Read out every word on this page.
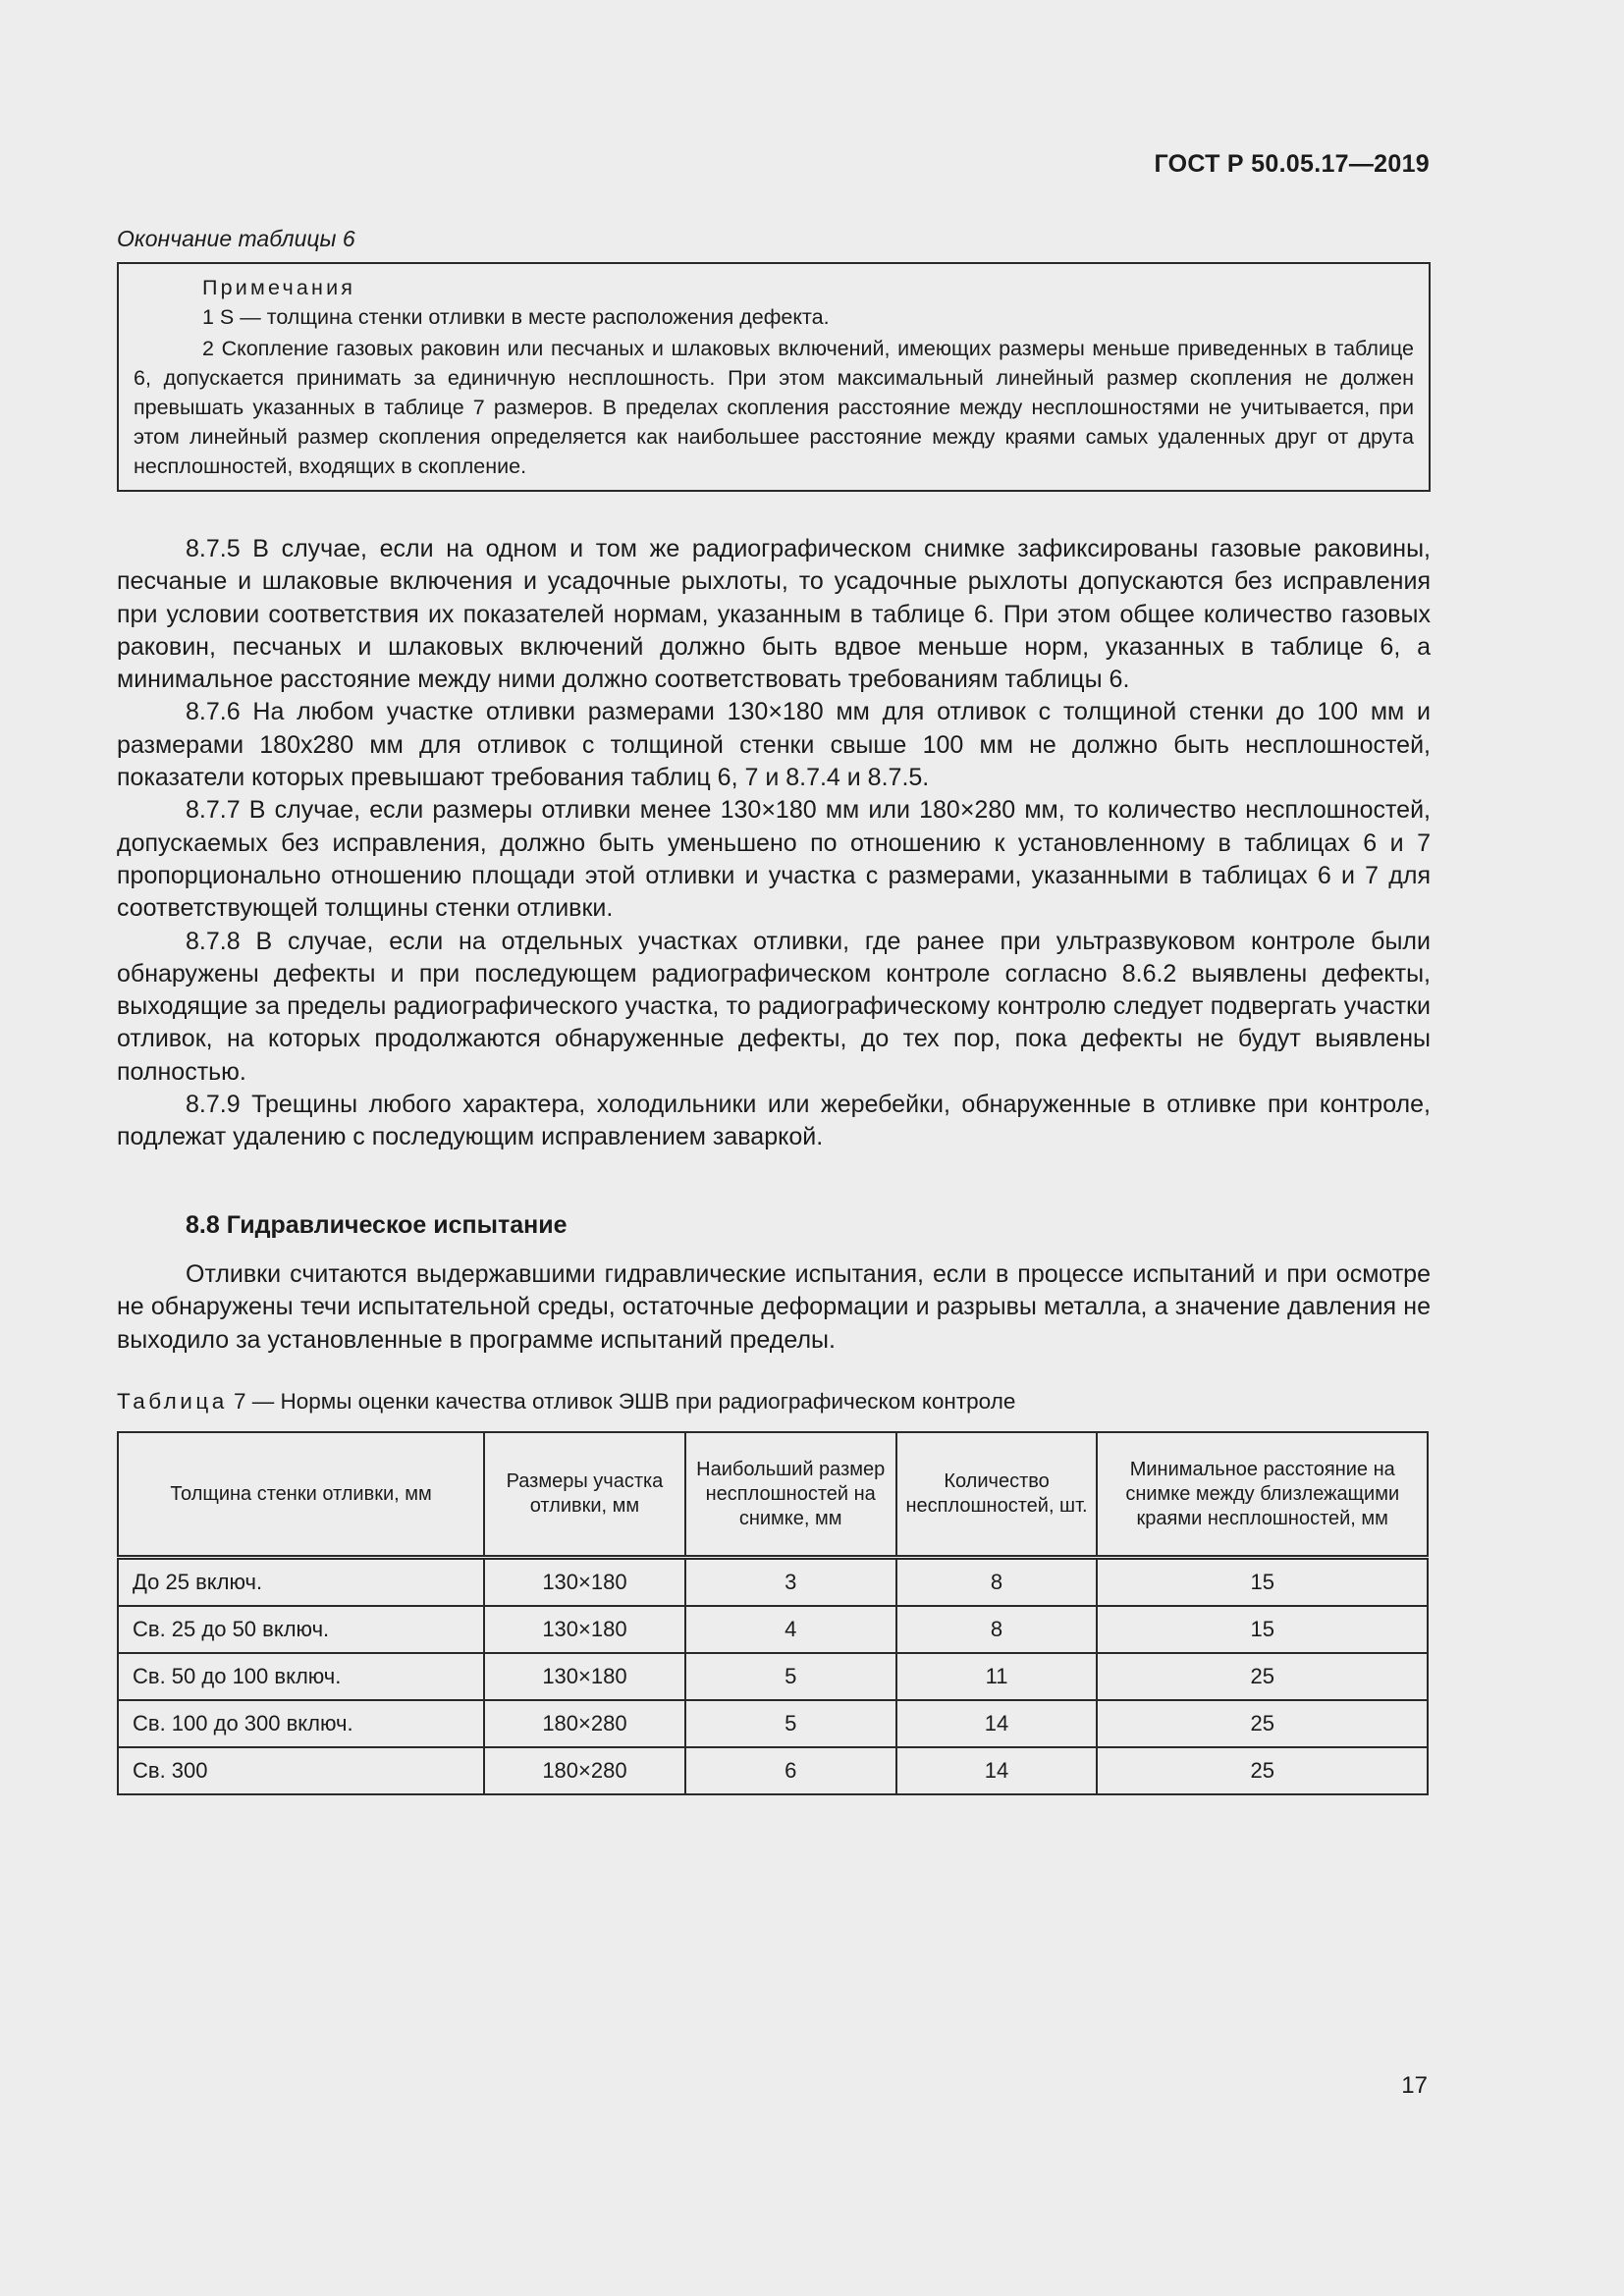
ГОСТ Р 50.05.17—2019
Окончание таблицы 6
Примечания

1 S — толщина стенки отливки в месте расположения дефекта.

2 Скопление газовых раковин или песчаных и шлаковых включений, имеющих размеры меньше приведенных в таблице 6, допускается принимать за единичную несплошность. При этом максимальный линейный размер скопления не должен превышать указанных в таблице 7 размеров. В пределах скопления расстояние между несплошностями не учитывается, при этом линейный размер скопления определяется как наибольшее расстояние между краями самых удаленных друг от друта несплошностей, входящих в скопление.

8.7.5 В случае, если на одном и том же радиографическом снимке зафиксированы газовые раковины, песчаные и шлаковые включения и усадочные рыхлоты, то усадочные рыхлоты допускаются без исправления при условии соответствия их показателей нормам, указанным в таблице 6. При этом общее количество газовых раковин, песчаных и шлаковых включений должно быть вдвое меньше норм, указанных в таблице 6, а минимальное расстояние между ними должно соответствовать требованиям таблицы 6.

8.7.6 На любом участке отливки размерами 130×180 мм для отливок с толщиной стенки до 100 мм и размерами 180х280 мм для отливок с толщиной стенки свыше 100 мм не должно быть несплошностей, показатели которых превышают требования таблиц 6, 7 и 8.7.4 и 8.7.5.

8.7.7 В случае, если размеры отливки менее 130×180 мм или 180×280 мм, то количество несплошностей, допускаемых без исправления, должно быть уменьшено по отношению к установленному в таблицах 6 и 7 пропорционально отношению площади этой отливки и участка с размерами, указанными в таблицах 6 и 7 для соответствующей толщины стенки отливки.

8.7.8 В случае, если на отдельных участках отливки, где ранее при ультразвуковом контроле были обнаружены дефекты и при последующем радиографическом контроле согласно 8.6.2 выявлены дефекты, выходящие за пределы радиографического участка, то радиографическому контролю следует подвергать участки отливок, на которых продолжаются обнаруженные дефекты, до тех пор, пока дефекты не будут выявлены полностью.

8.7.9 Трещины любого характера, холодильники или жеребейки, обнаруженные в отливке при контроле, подлежат удалению с последующим исправлением заваркой.

8.8 Гидравлическое испытание

Отливки считаются выдержавшими гидравлические испытания, если в процессе испытаний и при осмотре не обнаружены течи испытательной среды, остаточные деформации и разрывы металла, а значение давления не выходило за установленные в программе испытаний пределы.

Таблица 7 — Нормы оценки качества отливок ЭШВ при радиографическом контроле
Толщина стенки отливки, мм	Размеры участка отливки, мм	Наибольший размер несплошностей на снимке, мм	Количество несплошностей, шт.	Минимальное расстояние на снимке между близлежащими краями несплошностей, мм
До 25 включ.	130×180	3	8	15
Св. 25 до 50 включ.	130×180	4	8	15
Св. 50 до 100 включ.	130×180	5	11	25
Св. 100 до 300 включ.	180×280	5	14	25
Св. 300	180×280	6	14	25
17
